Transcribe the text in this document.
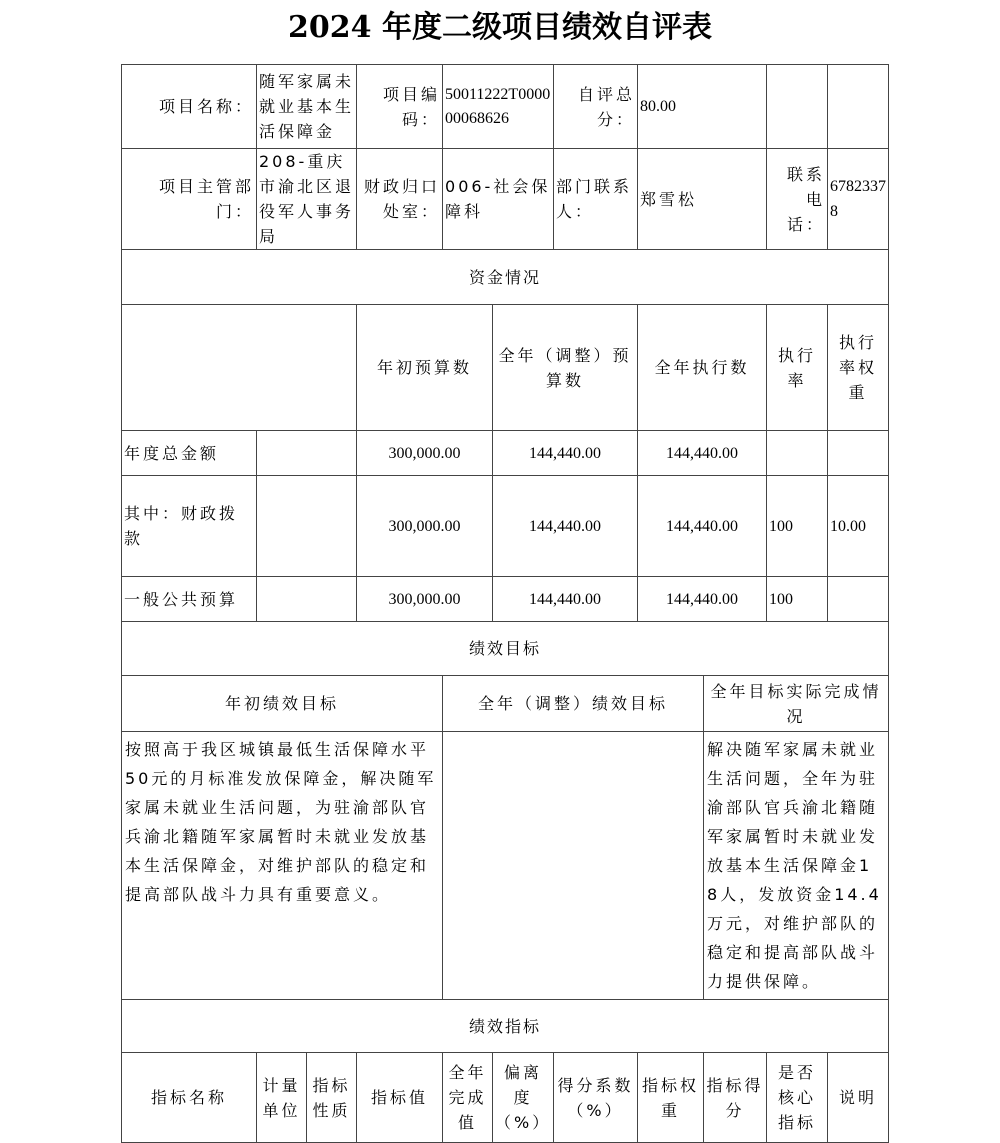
2024 年度二级项目绩效自评表
项目名称：	随军家属未就业基本生活保障金		项目编码：	50011222T000000068626		自评总分：	80.00				
项目主管部门：	208-重庆市渝北区退役军人事务局		财政归口处室：	006-社会保障科		部门联系人：	郑雪松		联系电话：	67823378	
资金情况											
			年初预算数		全年（调整）预算数		全年执行数		执行率	执行率权重	
年度总金额			300,000.00		144,440.00		144,440.00				
其中：财政拨款			300,000.00		144,440.00		144,440.00		100	10.00	
一般公共预算			300,000.00		144,440.00		144,440.00		100		
绩效目标											
年初绩效目标				全年（调整）绩效目标				全年目标实际完成情况			
按照高于我区城镇最低生活保障水平50元的月标准发放保障金，解决随军家属未就业生活问题，为驻渝部队官兵渝北籍随军家属暂时未就业发放基本生活保障金，对维护部队的稳定和提高部队战斗力具有重要意义。								解决随军家属未就业生活问题，全年为驻渝部队官兵渝北籍随军家属暂时未就业发放基本生活保障金18人，发放资金14.4万元，对维护部队的稳定和提高部队战斗力提供保障。			
绩效指标											
指标名称	计量单位	指标性质	指标值	全年完成值	偏离度（%）	得分系数（%）	指标权重	指标得分	是否核心指标	说明	
